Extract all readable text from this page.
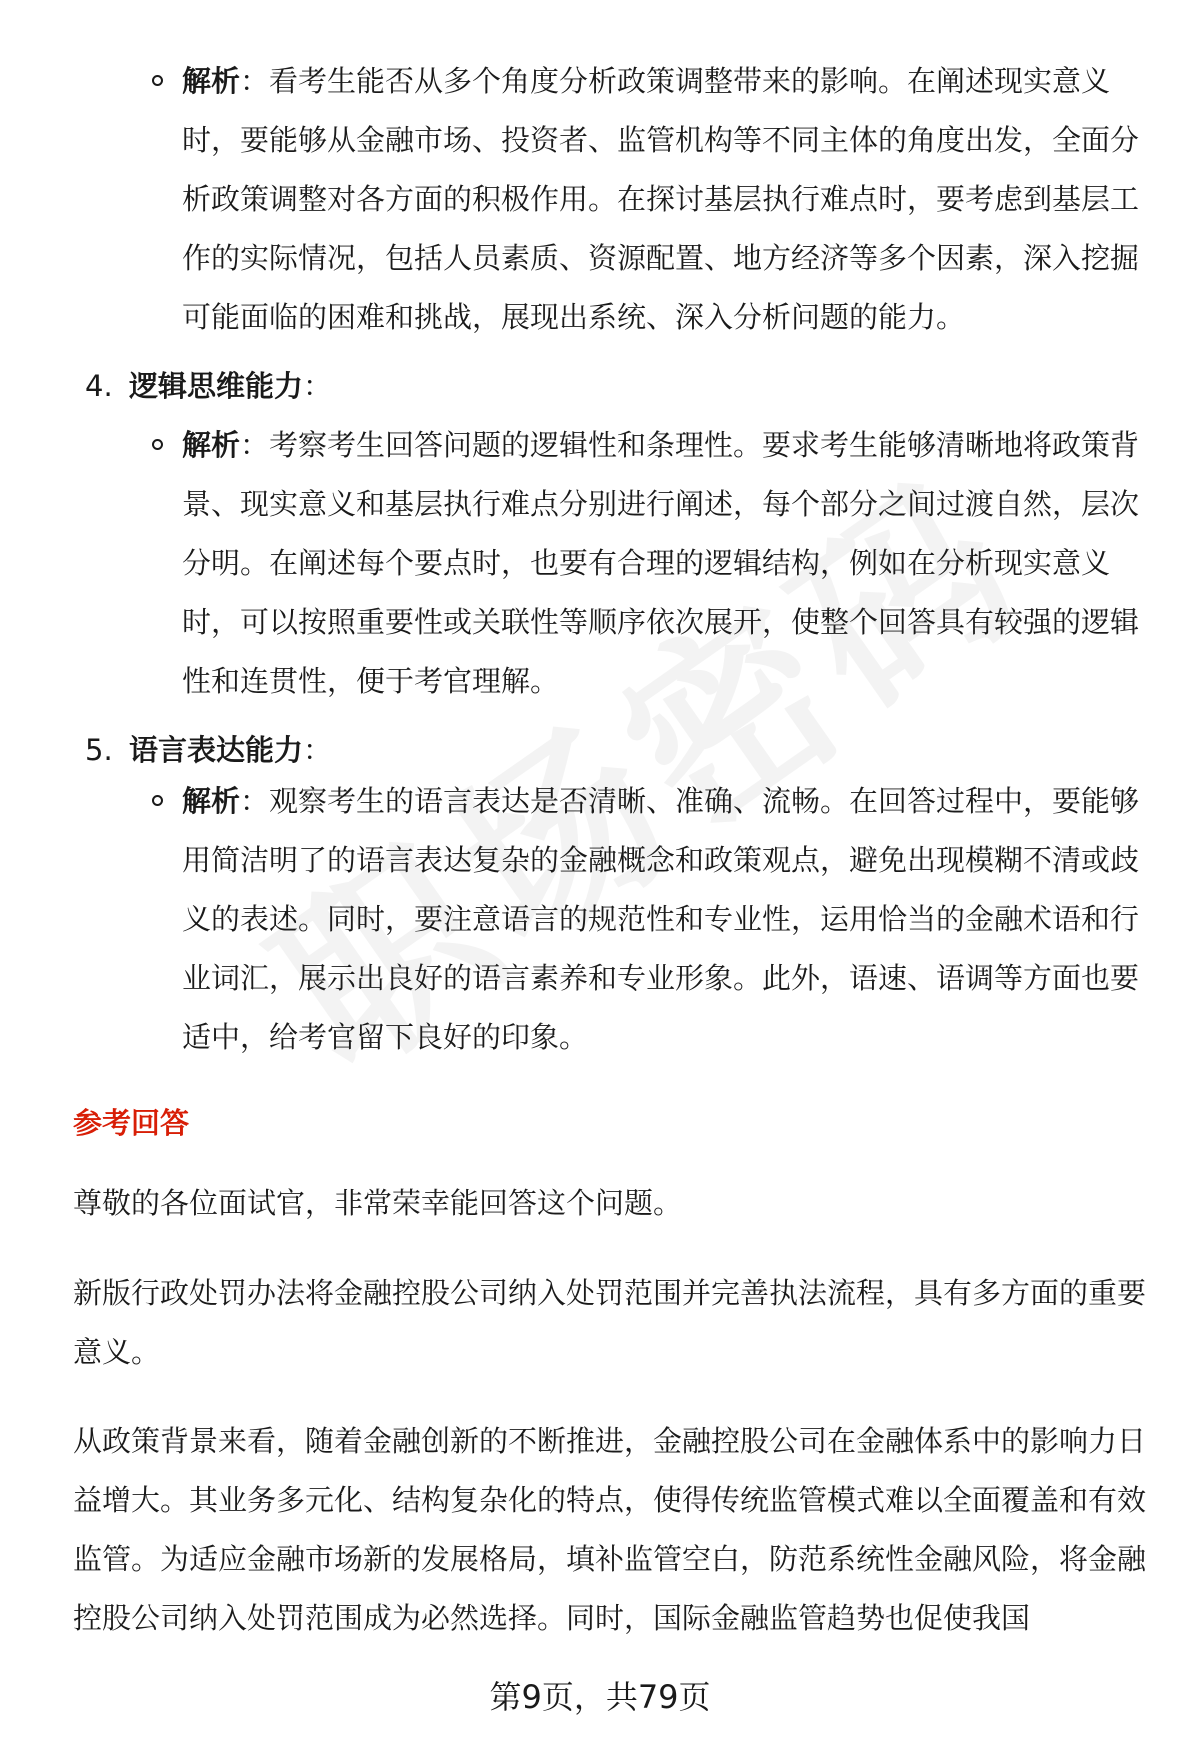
解析：看考生能否从多个角度分析政策调整带来的影响。在阐述现实意义时，要能够从金融市场、投资者、监管机构等不同主体的角度出发，全面分析政策调整对各方面的积极作用。在探讨基层执行难点时，要考虑到基层工作的实际情况，包括人员素质、资源配置、地方经济等多个因素，深入挖掘可能面临的困难和挑战，展现出系统、深入分析问题的能力。
4. 逻辑思维能力：
解析：考察考生回答问题的逻辑性和条理性。要求考生能够清晰地将政策背景、现实意义和基层执行难点分别进行阐述，每个部分之间过渡自然，层次分明。在阐述每个要点时，也要有合理的逻辑结构，例如在分析现实意义时，可以按照重要性或关联性等顺序依次展开，使整个回答具有较强的逻辑性和连贯性，便于考官理解。
5. 语言表达能力：
解析：观察考生的语言表达是否清晰、准确、流畅。在回答过程中，要能够用简洁明了的语言表达复杂的金融概念和政策观点，避免出现模糊不清或歧义的表述。同时，要注意语言的规范性和专业性，运用恰当的金融术语和行业词汇，展示出良好的语言素养和专业形象。此外，语速、语调等方面也要适中，给考官留下良好的印象。
参考回答
尊敬的各位面试官，非常荣幸能回答这个问题。
新版行政处罚办法将金融控股公司纳入处罚范围并完善执法流程，具有多方面的重要意义。
从政策背景来看，随着金融创新的不断推进，金融控股公司在金融体系中的影响力日益增大。其业务多元化、结构复杂化的特点，使得传统监管模式难以全面覆盖和有效监管。为适应金融市场新的发展格局，填补监管空白，防范系统性金融风险，将金融控股公司纳入处罚范围成为必然选择。同时，国际金融监管趋势也促使我国
第9页，共79页
